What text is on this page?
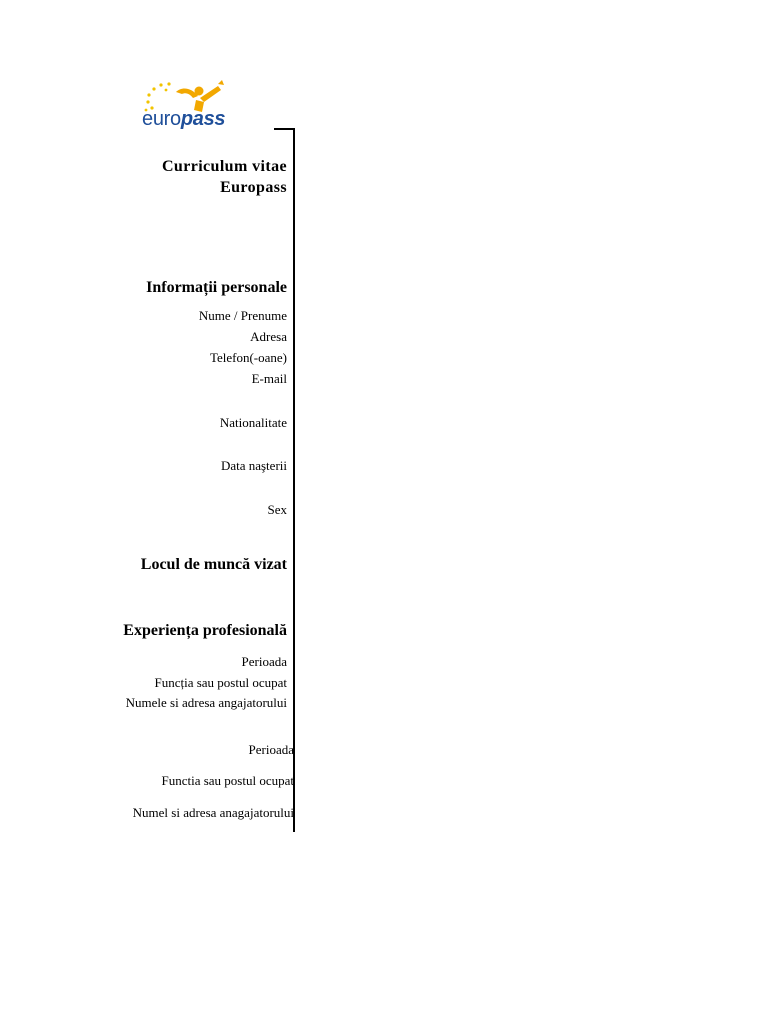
europass
Curriculum vitae
Europass
Informații personale
Nume / Prenume
Adresa
Telefon(-oane)
E-mail
Nationalitate
Data naşterii
Sex
Locul de muncă vizat
Experiența profesională
Perioada
Funcția sau postul ocupat
Numele si adresa angajatorului
Perioada
Functia sau postul ocupat
Numel si adresa anagajatorului
